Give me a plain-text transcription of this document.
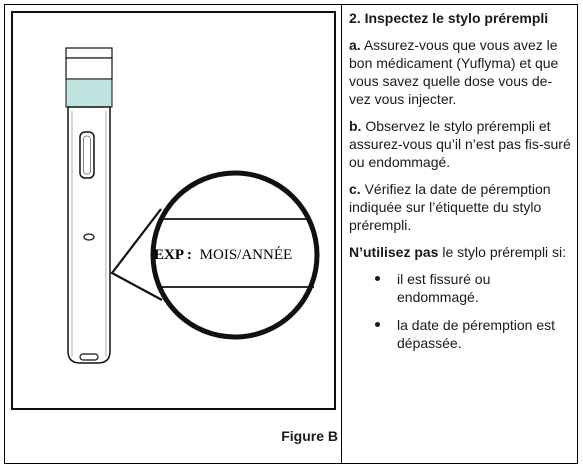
EXP : MOIS/ANNÉE
Figure B
2. Inspectez le stylo prérempli
a. Assurez-vous que vous avez le bon médicament (Yuflyma) et que vous savez quelle dose vous de-vez vous injecter.
b. Observez le stylo prérempli et assurez-vous qu’il n’est pas fis-suré ou endommagé.
c. Vérifiez la date de péremption indiquée sur l’étiquette du stylo prérempli.
N’utilisez pas le stylo prérempli si:
il est fissuré ou endommagé.
la date de péremption est dépassée.
